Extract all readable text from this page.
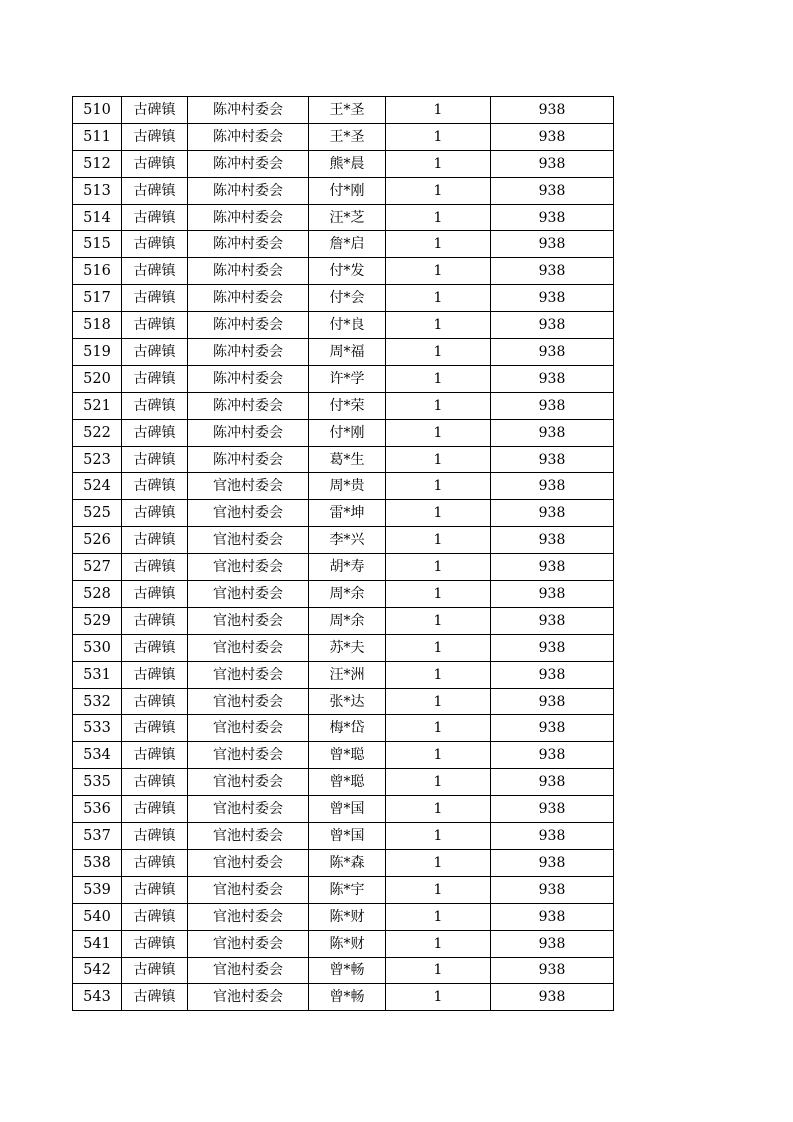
510	古碑镇	陈冲村委会	王*圣	1	938
511	古碑镇	陈冲村委会	王*圣	1	938
512	古碑镇	陈冲村委会	熊*晨	1	938
513	古碑镇	陈冲村委会	付*刚	1	938
514	古碑镇	陈冲村委会	汪*芝	1	938
515	古碑镇	陈冲村委会	詹*启	1	938
516	古碑镇	陈冲村委会	付*发	1	938
517	古碑镇	陈冲村委会	付*会	1	938
518	古碑镇	陈冲村委会	付*良	1	938
519	古碑镇	陈冲村委会	周*福	1	938
520	古碑镇	陈冲村委会	许*学	1	938
521	古碑镇	陈冲村委会	付*荣	1	938
522	古碑镇	陈冲村委会	付*刚	1	938
523	古碑镇	陈冲村委会	葛*生	1	938
524	古碑镇	官池村委会	周*贵	1	938
525	古碑镇	官池村委会	雷*坤	1	938
526	古碑镇	官池村委会	李*兴	1	938
527	古碑镇	官池村委会	胡*寿	1	938
528	古碑镇	官池村委会	周*余	1	938
529	古碑镇	官池村委会	周*余	1	938
530	古碑镇	官池村委会	苏*夫	1	938
531	古碑镇	官池村委会	汪*洲	1	938
532	古碑镇	官池村委会	张*达	1	938
533	古碑镇	官池村委会	梅*岱	1	938
534	古碑镇	官池村委会	曾*聪	1	938
535	古碑镇	官池村委会	曾*聪	1	938
536	古碑镇	官池村委会	曾*国	1	938
537	古碑镇	官池村委会	曾*国	1	938
538	古碑镇	官池村委会	陈*森	1	938
539	古碑镇	官池村委会	陈*宇	1	938
540	古碑镇	官池村委会	陈*财	1	938
541	古碑镇	官池村委会	陈*财	1	938
542	古碑镇	官池村委会	曾*畅	1	938
543	古碑镇	官池村委会	曾*畅	1	938
